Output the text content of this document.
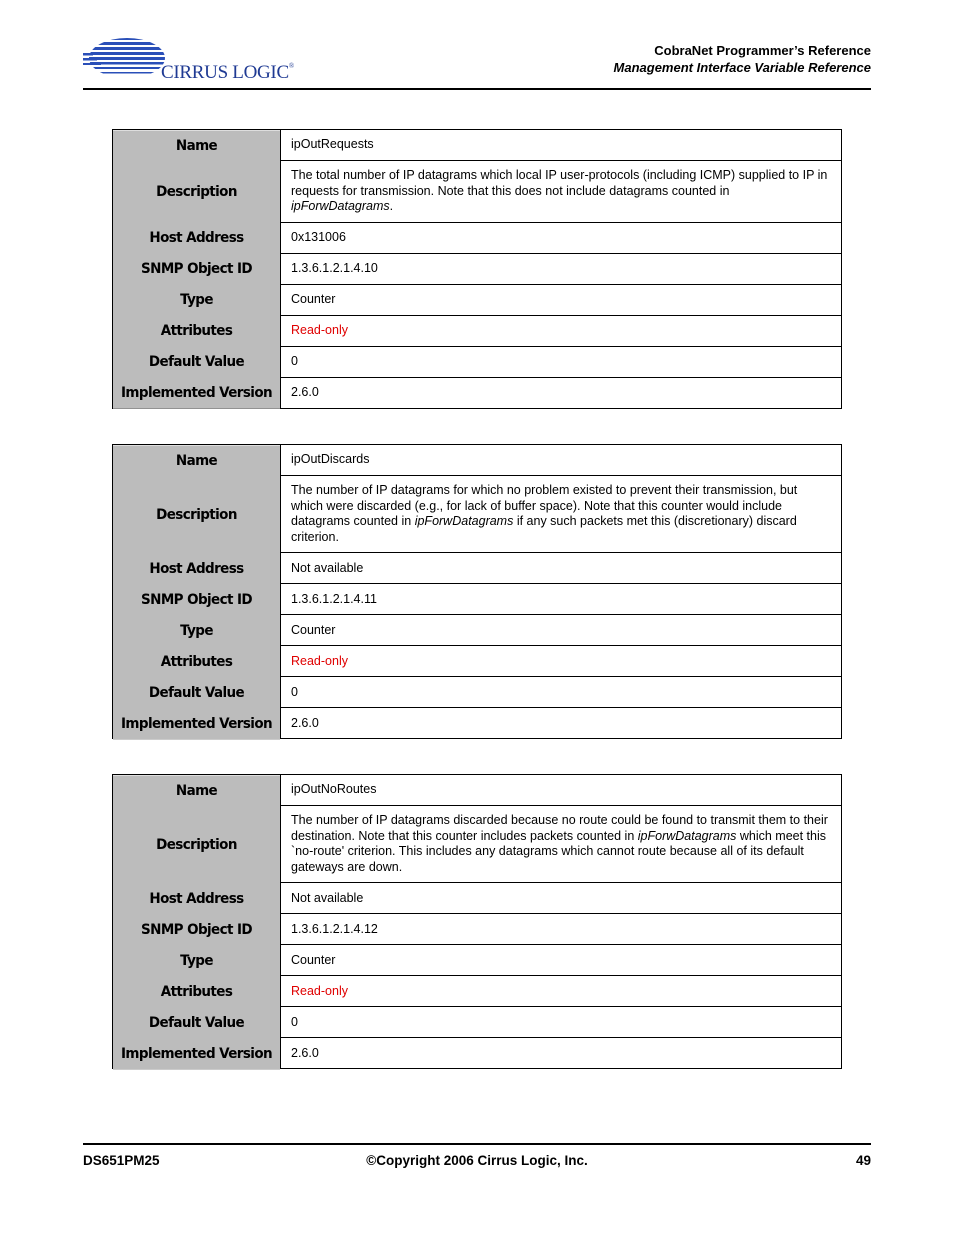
CIRRUS LOGIC®
CobraNet Programmer’s Reference
Management Interface Variable Reference
Name	ipOutRequests
Description	The total number of IP datagrams which local IP user-protocols (including ICMP) supplied to IP in requests for transmission. Note that this does not include datagrams counted in ipForwDatagrams.
Host Address	0x131006
SNMP Object ID	1.3.6.1.2.1.4.10
Type	Counter
Attributes	Read-only
Default Value	0
Implemented Version	2.6.0
Name	ipOutDiscards
Description	The number of IP datagrams for which no problem existed to prevent their transmission, but which were discarded (e.g., for lack of buffer space). Note that this counter would include datagrams counted in ipForwDatagrams if any such packets met this (discretionary) discard criterion.
Host Address	Not available
SNMP Object ID	1.3.6.1.2.1.4.11
Type	Counter
Attributes	Read-only
Default Value	0
Implemented Version	2.6.0
Name	ipOutNoRoutes
Description	The number of IP datagrams discarded because no route could be found to transmit them to their destination. Note that this counter includes packets counted in ipForwDatagrams which meet this `no-route' criterion. This includes any datagrams which cannot route because all of its default gateways are down.
Host Address	Not available
SNMP Object ID	1.3.6.1.2.1.4.12
Type	Counter
Attributes	Read-only
Default Value	0
Implemented Version	2.6.0
DS651PM25	©Copyright 2006 Cirrus Logic, Inc.	49
